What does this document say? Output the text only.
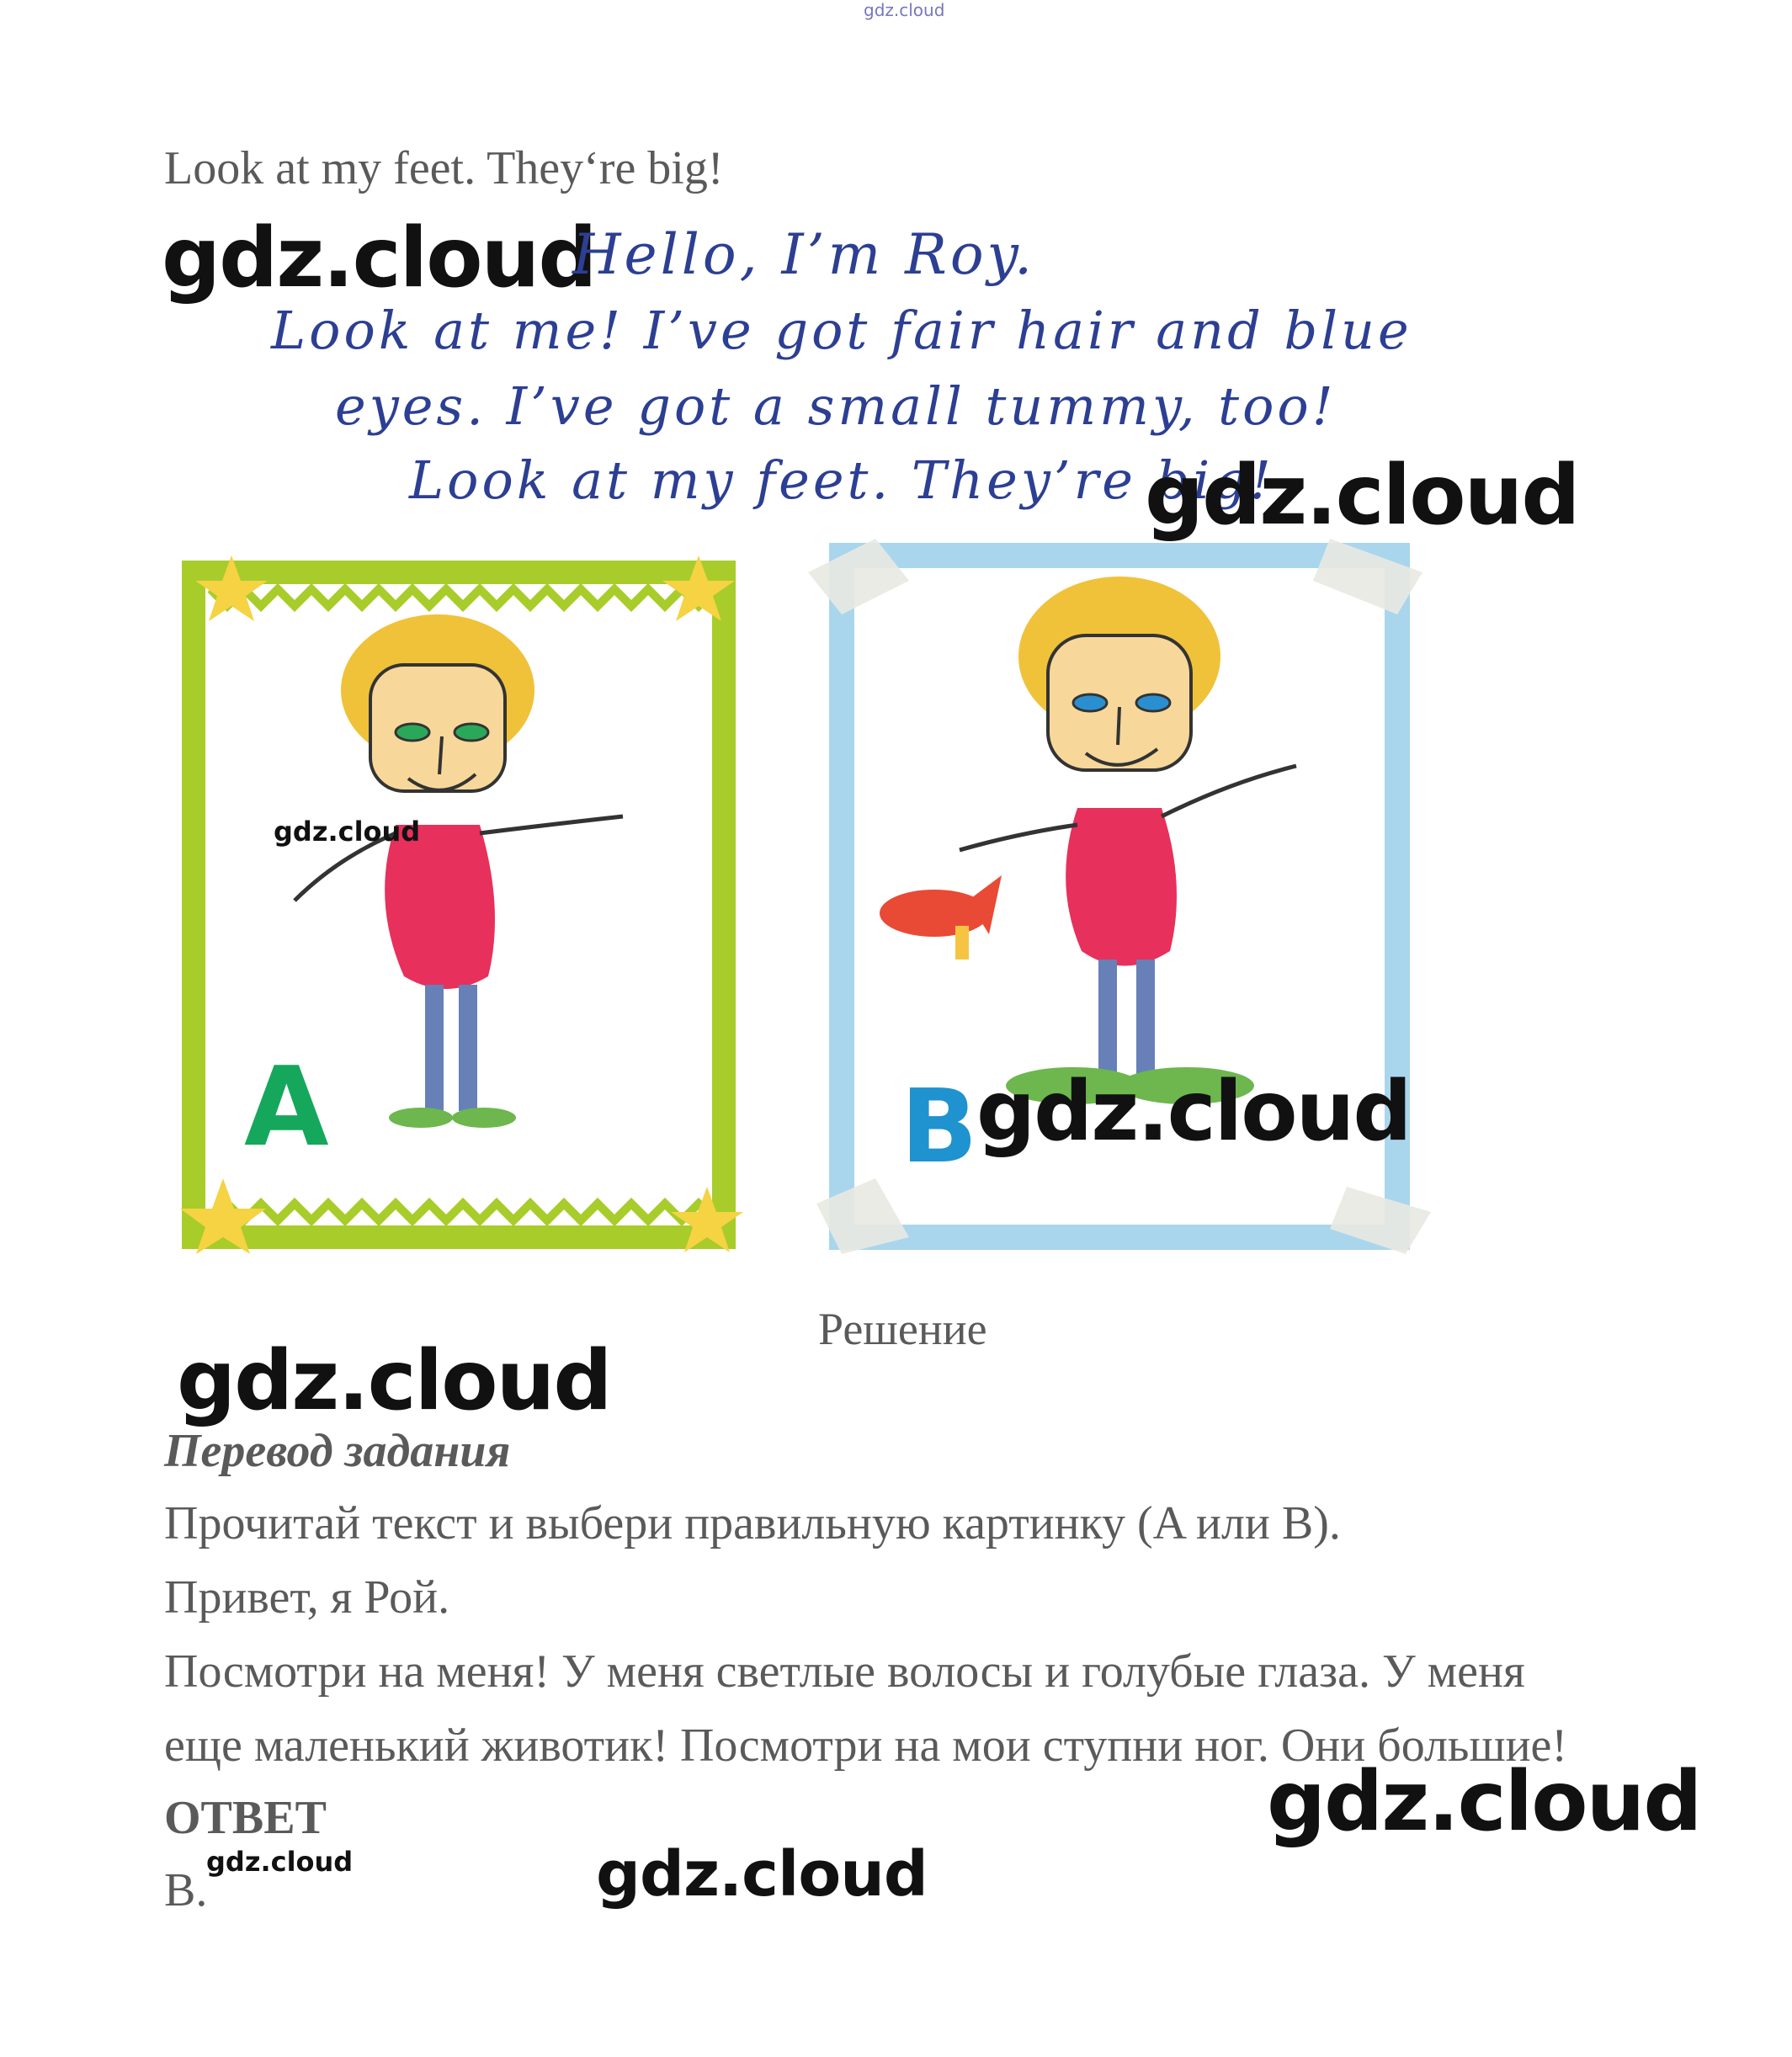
gdz.cloud
Look at my feet. They‘re big!
gdz.cloud
Hello, I’m Roy.
Look at me! I’ve got fair hair and blue
eyes. I’ve got a small tummy, too!
Look at my feet. They’re big!
gdz.cloud
A
gdz.cloud
B
gdz.cloud
Решение
gdz.cloud
Перевод задания
Прочитай текст и выбери правильную картинку (A или B).
Привет, я Рой.
Посмотри на меня! У меня светлые волосы и голубые глаза. У меня
еще маленький животик! Посмотри на мои ступни ног. Они большие!
gdz.cloud
ОТВЕТ
B.
gdz.cloud	gdz.cloud
